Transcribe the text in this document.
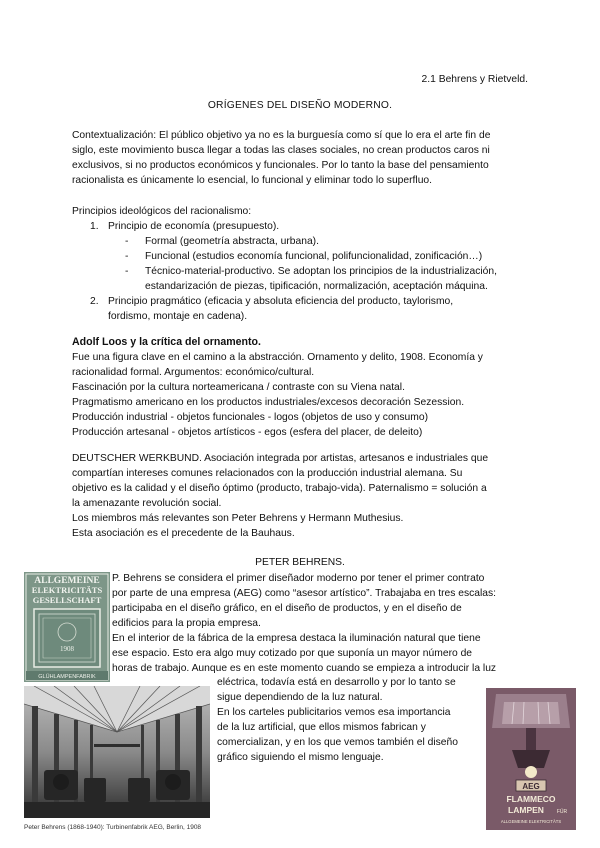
2.1 Behrens y Rietveld.
ORÍGENES DEL DISEÑO MODERNO.
Contextualización: El público objetivo ya no es la burguesía como sí que lo era el arte fin de
siglo, este movimiento busca llegar a todas las clases sociales, no crean productos caros ni
exclusivos, si no productos económicos y funcionales. Por lo tanto la base del pensamiento
racionalista es únicamente lo esencial, lo funcional y eliminar todo lo superfluo.
Principios ideológicos del racionalismo:
1. Principio de economía (presupuesto).
- Formal (geometría abstracta, urbana).
- Funcional (estudios economía funcional, polifuncionalidad, zonificación…)
- Técnico-material-productivo. Se adoptan los principios de la industrialización,
estandarización de piezas, tipificación, normalización, aceptación máquina.
2. Principio pragmático (eficacia y absoluta eficiencia del producto, taylorismo,
fordismo, montaje en cadena).
Adolf Loos y la crítica del ornamento.
Fue una figura clave en el camino a la abstracción. Ornamento y delito, 1908. Economía y
racionalidad formal. Argumentos: económico/cultural.
Fascinación por la cultura norteamericana / contraste con su Viena natal.
Pragmatismo americano en los productos industriales/excesos decoración Sezession.
Producción industrial - objetos funcionales - logos (objetos de uso y consumo)
Producción artesanal - objetos artísticos - egos (esfera del placer, de deleito)
DEUTSCHER WERKBUND. Asociación integrada por artistas, artesanos e industriales que
compartían intereses comunes relacionados con la producción industrial alemana. Su
objetivo es la calidad y el diseño óptimo (producto, trabajo-vida). Paternalismo = solución a
la amenazante revolución social.
Los miembros más relevantes son Peter Behrens y Hermann Muthesius.
Esta asociación es el precedente de la Bauhaus.
PETER BEHRENS.
P. Behrens se considera el primer diseñador moderno por tener el primer contrato
por parte de una empresa (AEG) como “asesor artístico”. Trabajaba en tres escalas:
participaba en el diseño gráfico, en el diseño de productos, y en el diseño de
edificios para la propia empresa.
En el interior de la fábrica de la empresa destaca la iluminación natural que tiene
ese espacio. Esto era algo muy cotizado por que suponía un mayor número de
horas de trabajo. Aunque es en este momento cuando se empieza a introducir la luz
eléctrica, todavía está en desarrollo y por lo tanto se
sigue dependiendo de la luz natural.
En los carteles publicitarios vemos esa importancia
de la luz artificial, que ellos mismos fabrican y
comercializan, y en los que vemos también el diseño
gráfico siguiendo el mismo lenguaje.
ALLGEMEINE
ELEKTRICITÄTS
GESELLSCHAFT
1908
GLÜHLAMPENFABRIK
Peter Behrens (1868-1940): Turbinenfabrik AEG, Berlin, 1908
AEG
FLAMMECO
LAMPEN	FÜR
ALLGEMEINE ELEKTRICITÄTS
